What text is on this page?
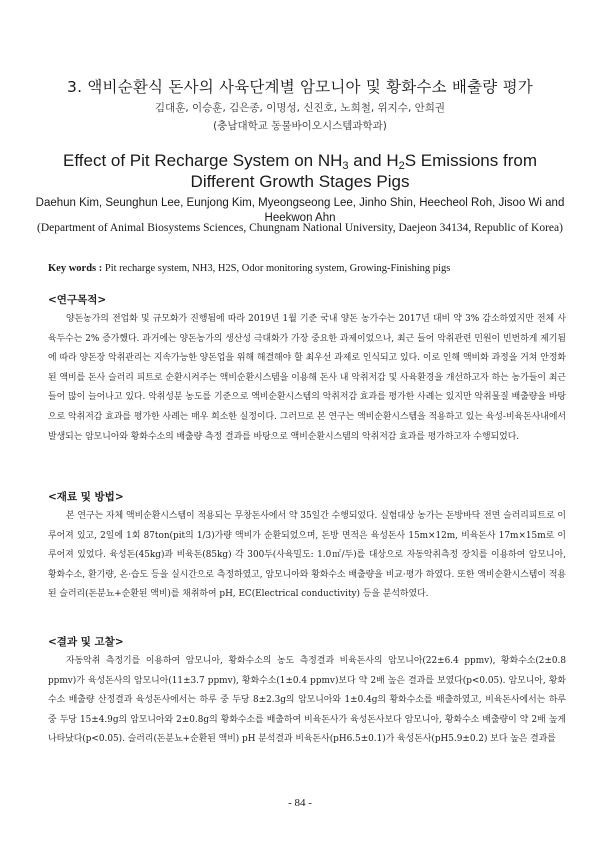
3. 액비순환식 돈사의 사육단계별 암모니아 및 황화수소 배출량 평가
김대훈, 이승훈, 김은종, 이명성, 신진호, 노희철, 위지수, 안희권
(충남대학교 동물바이오시스템과학과)
Effect of Pit Recharge System on $NH_3$ and $H_2S$ Emissions from
Different Growth Stages Pigs
Daehun Kim, Seunghun Lee, Eunjong Kim, Myeongseong Lee, Jinho Shin, Heecheol Roh, Jisoo Wi and Heekwon Ahn
(Department of Animal Biosystems Sciences, Chungnam National University, Daejeon 34134, Republic of Korea)
Key words : Pit recharge system, NH3, H2S, Odor monitoring system, Growing-Finishing pigs
<연구목적>
양돈농가의 전업화 및 규모화가 진행됨에 따라 2019년 1월 기준 국내 양돈 농가수는 2017년 대비 약 3% 감소하였지만 전체 사육두수는 2% 증가했다. 과거에는 양돈농가의 생산성 극대화가 가장 중요한 과제이었으나, 최근 들어 악취관련 민원이 빈번하게 제기됨에 따라 양돈장 악취관리는 지속가능한 양돈업을 위해 해결해야 할 최우선 과제로 인식되고 있다. 이로 인해 액비화 과정을 거쳐 안정화된 액비를 돈사 슬러리 피트로 순환시켜주는 액비순환시스템을 이용해 돈사 내 악취저감 및 사육환경을 개선하고자 하는 농가들이 최근 들어 많이 늘어나고 있다. 악취성분 농도를 기준으로 액비순환시스템의 악취저감 효과를 평가한 사례는 있지만 악취물질 배출량을 바탕으로 악취저감 효과를 평가한 사례는 매우 희소한 실정이다. 그러므로 본 연구는 액비순환시스템을 적용하고 있는 육성-비육돈사내에서 발생되는 암모니아와 황화수소의 배출량 측정 결과를 바탕으로 액비순환시스템의 악취저감 효과를 평가하고자 수행되었다.
<재료 및 방법>
본 연구는 자체 액비순환시스템이 적용되는 무창돈사에서 약 35일간 수행되었다. 실험대상 농가는 돈방바닥 전면 슬러리피트로 이루어져 있고, 2일에 1회 87ton(pit의 1/3)가량 액비가 순환되었으며, 돈방 면적은 육성돈사 15m×12m, 비육돈사 17m×15m로 이루어져 있었다. 육성돈(45kg)과 비육돈(85kg) 각 300두(사육밀도: 1.0㎡/두)를 대상으로 자동악취측정 장치를 이용하여 암모니아, 황화수소, 환기량, 온·습도 등을 실시간으로 측정하였고, 암모니아와 황화수소 배출량을 비교·평가 하였다. 또한 액비순환시스템이 적용된 슬러리(돈분뇨+순환된 액비)를 채취하여 pH, EC(Electrical conductivity) 등을 분석하였다.
<결과 및 고찰>
자동악취 측정기를 이용하여 암모니아, 황화수소의 농도 측정결과 비육돈사의 암모니아(22±6.4 ppmv), 황화수소(2±0.8 ppmv)가 육성돈사의 암모니아(11±3.7 ppmv), 황화수소(1±0.4 ppmv)보다 약 2배 높은 결과를 보였다(p<0.05). 암모니아, 황화수소 배출량 산정결과 육성돈사에서는 하루 중 두당 8±2.3g의 암모니아와 1±0.4g의 황화수소를 배출하였고, 비육돈사에서는 하루 중 두당 15±4.9g의 암모니아와 2±0.8g의 황화수소를 배출하여 비육돈사가 육성돈사보다 암모니아, 황화수소 배출량이 약 2배 높게 나타났다(p<0.05). 슬러리(돈분뇨+순환된 액비) pH 분석결과 비육돈사(pH6.5±0.1)가 육성돈사(pH5.9±0.2) 보다 높은 결과를
- 84 -
